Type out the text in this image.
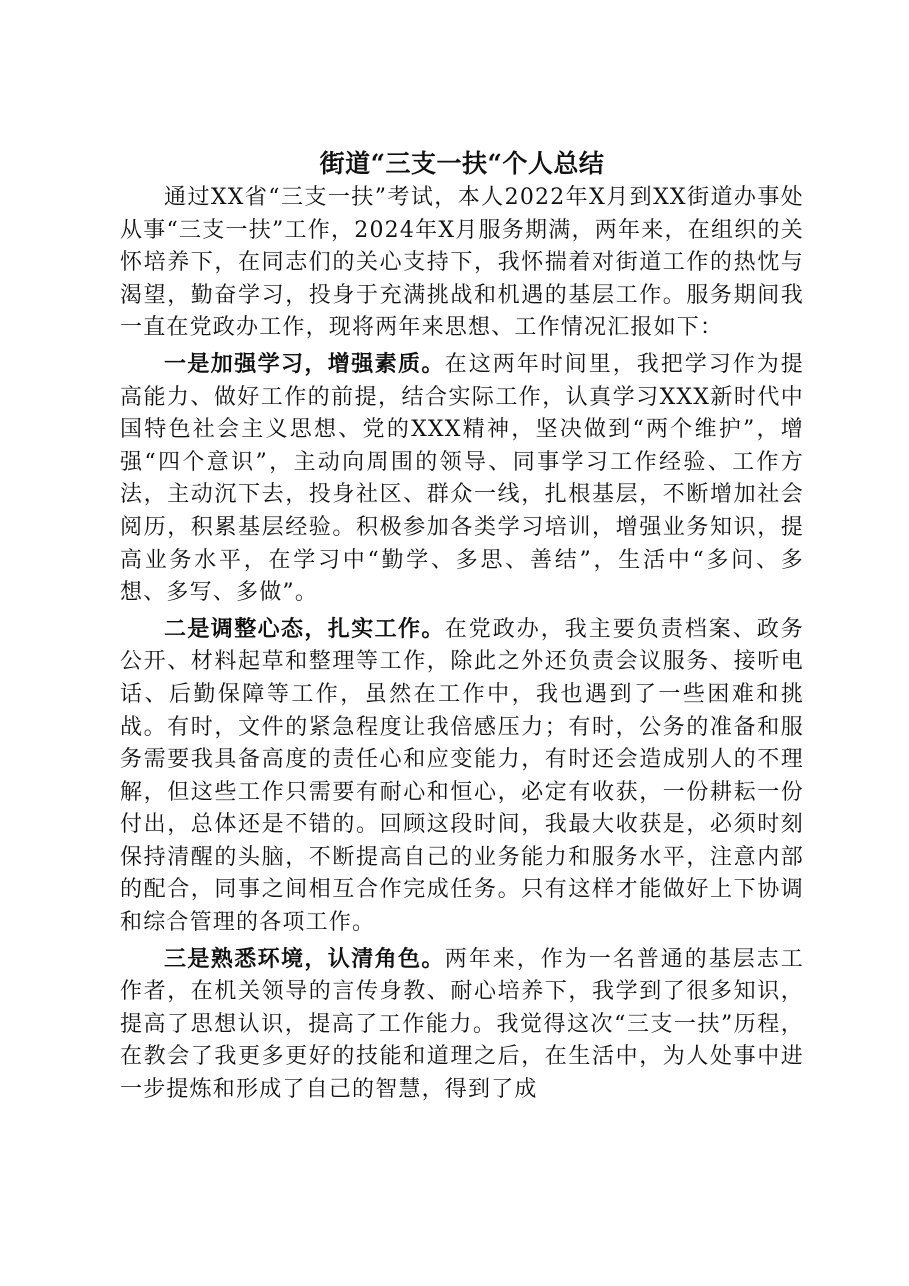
街道“三支一扶“个人总结

通过XX省“三支一扶”考试，本人2022年X月到XX街道办事处从事“三支一扶”工作，2024年X月服务期满，两年来，在组织的关怀培养下，在同志们的关心支持下，我怀揣着对街道工作的热忱与渴望，勤奋学习，投身于充满挑战和机遇的基层工作。服务期间我一直在党政办工作，现将两年来思想、工作情况汇报如下：

一是加强学习，增强素质。在这两年时间里，我把学习作为提高能力、做好工作的前提，结合实际工作，认真学习XXX新时代中国特色社会主义思想、党的XXX精神，坚决做到“两个维护”，增强“四个意识”，主动向周围的领导、同事学习工作经验、工作方法，主动沉下去，投身社区、群众一线，扎根基层，不断增加社会阅历，积累基层经验。积极参加各类学习培训，增强业务知识，提高业务水平，在学习中“勤学、多思、善结”，生活中“多问、多想、多写、多做”。

二是调整心态，扎实工作。在党政办，我主要负责档案、政务公开、材料起草和整理等工作，除此之外还负责会议服务、接听电话、后勤保障等工作，虽然在工作中，我也遇到了一些困难和挑战。有时，文件的紧急程度让我倍感压力；有时，公务的准备和服务需要我具备高度的责任心和应变能力，有时还会造成别人的不理解，但这些工作只需要有耐心和恒心，必定有收获，一份耕耘一份付出，总体还是不错的。回顾这段时间，我最大收获是，必须时刻保持清醒的头脑，不断提高自己的业务能力和服务水平，注意内部的配合，同事之间相互合作完成任务。只有这样才能做好上下协调和综合管理的各项工作。

三是熟悉环境，认清角色。两年来，作为一名普通的基层志工作者，在机关领导的言传身教、耐心培养下，我学到了很多知识，提高了思想认识，提高了工作能力。我觉得这次“三支一扶”历程，在教会了我更多更好的技能和道理之后，在生活中，为人处事中进一步提炼和形成了自己的智慧，得到了成
